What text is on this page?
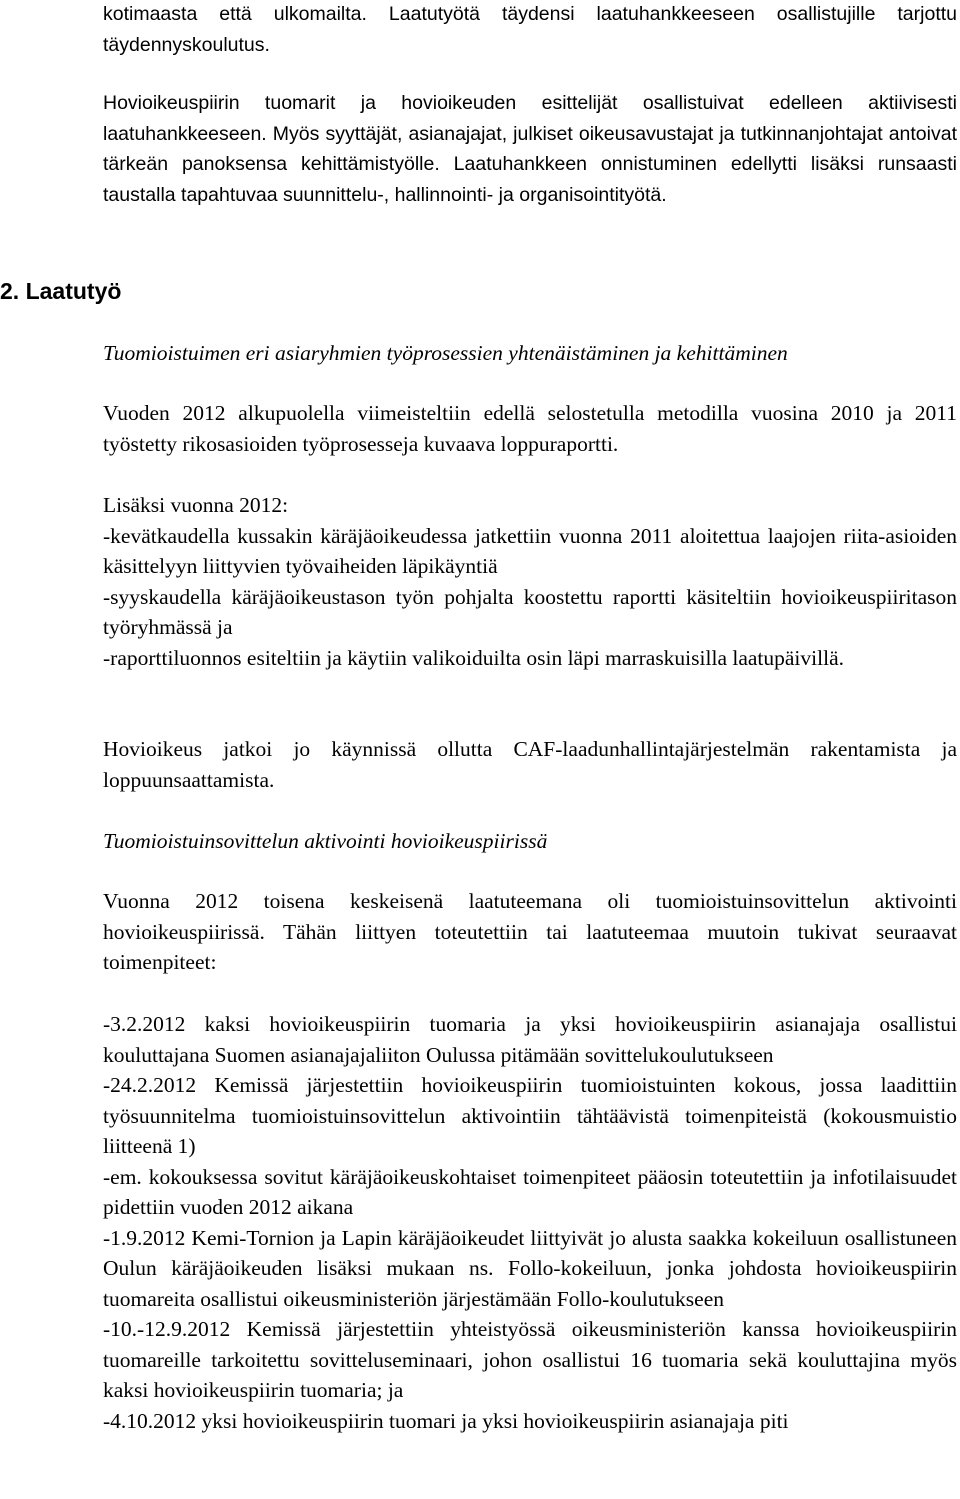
kotimaasta että ulkomailta. Laatutyötä täydensi laatuhankkeeseen osallistujille tarjottu täydennyskoulutus.
Hovioikeuspiirin tuomarit ja hovioikeuden esittelijät osallistuivat edelleen aktiivisesti laatuhankkeeseen. Myös syyttäjät, asianajajat, julkiset oikeusavustajat ja tutkinnanjohtajat antoivat tärkeän panoksensa kehittämistyölle. Laatuhankkeen onnistuminen edellytti lisäksi runsaasti taustalla tapahtuvaa suunnittelu-, hallinnointi- ja organisointityötä.
2. Laatutyö
Tuomioistuimen eri asiaryhmien työprosessien yhtenäistäminen ja kehittäminen
Vuoden 2012 alkupuolella viimeisteltiin edellä selostetulla metodilla vuosina 2010 ja 2011 työstetty rikosasioiden työprosesseja kuvaava loppuraportti.
Lisäksi vuonna 2012:
-kevätkaudella kussakin käräjäoikeudessa jatkettiin vuonna 2011 aloitettua laajojen riita-asioiden käsittelyyn liittyvien työvaiheiden läpikäyntiä
-syyskaudella käräjäoikeustason työn pohjalta koostettu raportti käsiteltiin hovioikeuspiiritason työryhmässä ja
-raporttiluonnos esiteltiin ja käytiin valikoiduilta osin läpi marraskuisilla laatupäivillä.
Hovioikeus jatkoi jo käynnissä ollutta CAF-laadunhallintajärjestelmän rakentamista ja loppuunsaattamista.
Tuomioistuinsovittelun aktivointi hovioikeuspiirissä
Vuonna 2012 toisena keskeisenä laatuteemana oli tuomioistuinsovittelun aktivointi hovioikeuspiirissä. Tähän liittyen toteutettiin tai laatuteemaa muutoin tukivat seuraavat toimenpiteet:
-3.2.2012 kaksi hovioikeuspiirin tuomaria ja yksi hovioikeuspiirin asianajaja osallistui kouluttajana Suomen asianajajaliiton Oulussa pitämään sovittelukoulutukseen
-24.2.2012 Kemissä järjestettiin hovioikeuspiirin tuomioistuinten kokous, jossa laadittiin työsuunnitelma tuomioistuinsovittelun aktivointiin tähtäävistä toimenpiteistä (kokousmuistio liitteenä 1)
-em. kokouksessa sovitut käräjäoikeuskohtaiset toimenpiteet pääosin toteutettiin ja infotilaisuudet pidettiin vuoden 2012 aikana
-1.9.2012 Kemi-Tornion ja Lapin käräjäoikeudet liittyivät jo alusta saakka kokeiluun osallistuneen Oulun käräjäoikeuden lisäksi mukaan ns. Follo-kokeiluun, jonka johdosta hovioikeuspiirin tuomareita osallistui oikeusministeriön järjestämään Follo-koulutukseen
-10.-12.9.2012 Kemissä järjestettiin yhteistyössä oikeusministeriön kanssa hovioikeuspiirin tuomareille tarkoitettu sovitteluseminaari, johon osallistui 16 tuomaria sekä kouluttajina myös kaksi hovioikeuspiirin tuomaria; ja
-4.10.2012 yksi hovioikeuspiirin tuomari ja yksi hovioikeuspiirin asianajaja piti
